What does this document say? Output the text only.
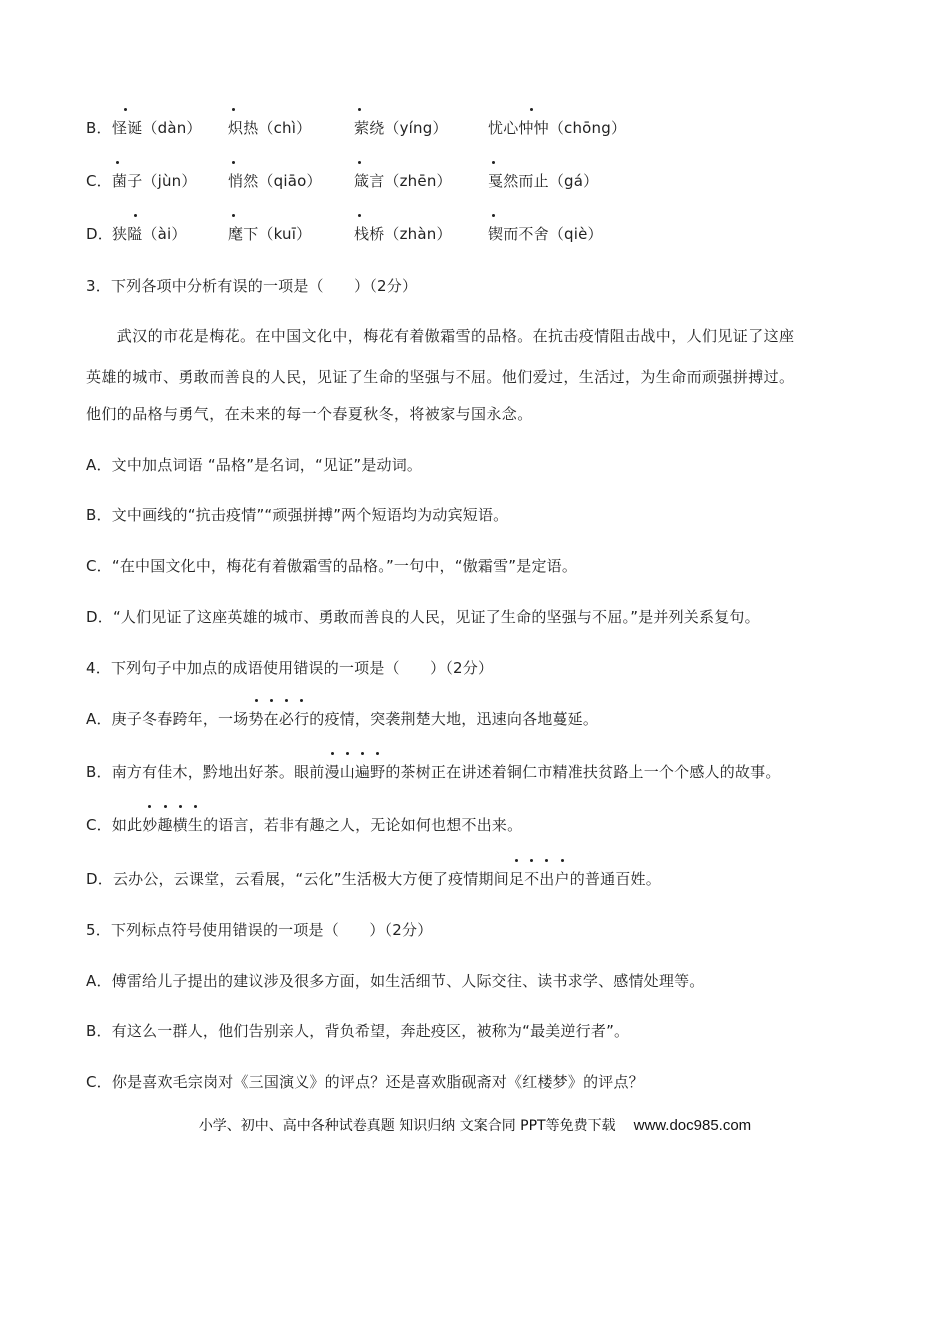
B． 怪诞（dàn） 炽热（chì）	萦绕（yíng）	忧心忡忡（chōng）
C． 菌子（jùn） 悄然（qiāo） 箴言（zhēn） 戛然而止（gá）
D． 狭隘（ài）	麾下（kuī）	栈桥（zhàn） 锲而不舍（qiè）
3．下列各项中分析有误的一项是（　　）（2分）
　　武汉的市花是梅花。在中国文化中，梅花有着傲霜雪的品格。在抗击疫情阻击战中，人们见证了这座
英雄的城市、勇敢而善良的人民，见证了生命的坚强与不屈。他们爱过，生活过，为生命而顽强拼搏过。
他们的品格与勇气，在未来的每一个春夏秋冬，将被家与国永念。
A．文中加点词语 “品格”是名词，“见证”是动词。
B．文中画线的“抗击疫情”“顽强拼搏”两个短语均为动宾短语。
C．“在中国文化中，梅花有着傲霜雪的品格。”一句中，“傲霜雪”是定语。
D．“人们见证了这座英雄的城市、勇敢而善良的人民，见证了生命的坚强与不屈。”是并列关系复句。
4．下列句子中加点的成语使用错误的一项是（　　）（2分）
A．庚子冬春跨年，一场
势在必行的疫情，突袭荆楚大地，迅速向各地蔓延。
B．南方有佳木，黔地出好茶。眼前
漫山遍野的茶树正在讲述着铜仁市精准扶贫路上一个个感人的故事。
C．如此
妙趣横生的语言，若非有趣之人，无论如何也想不出来。
D．云办公，云课堂，云看展，“云化”生活极大方便了疫情期间
足不出户的普通百姓。
5．下列标点符号使用错误的一项是（　　）（2分）
A．傅雷给儿子提出的建议涉及很多方面，如生活细节、人际交往、读书求学、感情处理等。
B．有这么一群人，他们告别亲人，背负希望，奔赴疫区，被称为“最美逆行者”。
C．你是喜欢毛宗岗对《三国演义》的评点？还是喜欢脂砚斋对《红楼梦》的评点？
小学、初中、高中各种试卷真题 知识归纳 文案合同 PPT等免费下载 www.doc985.com
